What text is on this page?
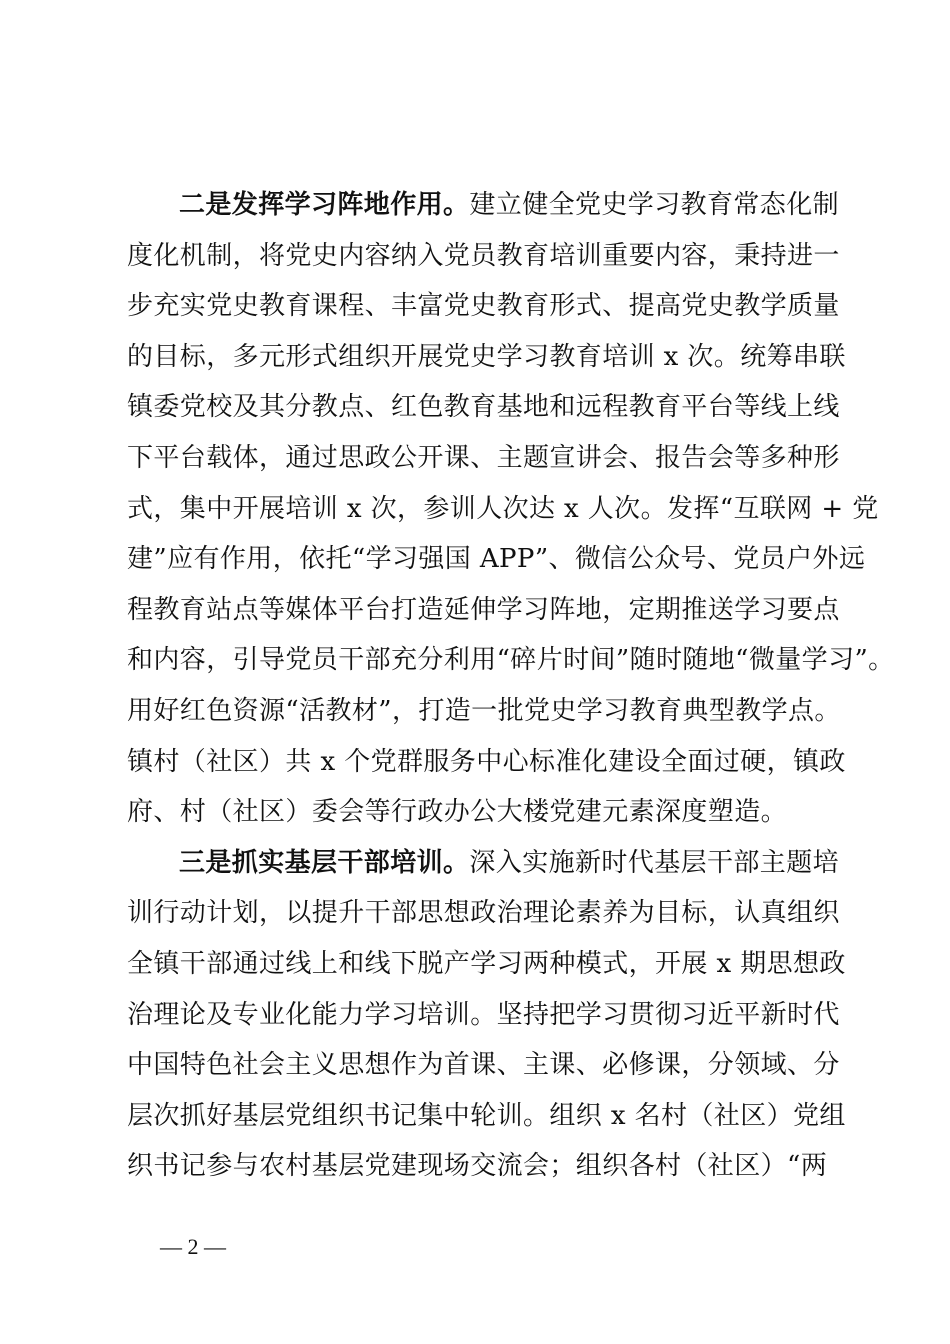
二是发挥学习阵地作用。建立健全党史学习教育常态化制
度化机制，将党史内容纳入党员教育培训重要内容，秉持进一
步充实党史教育课程、丰富党史教育形式、提高党史教学质量
的目标，多元形式组织开展党史学习教育培训 x 次。统筹串联
镇委党校及其分教点、红色教育基地和远程教育平台等线上线
下平台载体，通过思政公开课、主题宣讲会、报告会等多种形
式，集中开展培训 x 次，参训人次达 x 人次。发挥“互联网 + 党
建”应有作用，依托“学习强国 APP”、微信公众号、党员户外远
程教育站点等媒体平台打造延伸学习阵地，定期推送学习要点
和内容，引导党员干部充分利用“碎片时间”随时随地“微量学习”。
用好红色资源“活教材”，打造一批党史学习教育典型教学点。
镇村（社区）共 x 个党群服务中心标准化建设全面过硬，镇政
府、村（社区）委会等行政办公大楼党建元素深度塑造。
三是抓实基层干部培训。深入实施新时代基层干部主题培
训行动计划，以提升干部思想政治理论素养为目标，认真组织
全镇干部通过线上和线下脱产学习两种模式，开展 x 期思想政
治理论及专业化能力学习培训。坚持把学习贯彻习近平新时代
中国特色社会主义思想作为首课、主课、必修课，分领域、分
层次抓好基层党组织书记集中轮训。组织 x 名村（社区）党组
织书记参与农村基层党建现场交流会；组织各村（社区）“两
— 2 —
